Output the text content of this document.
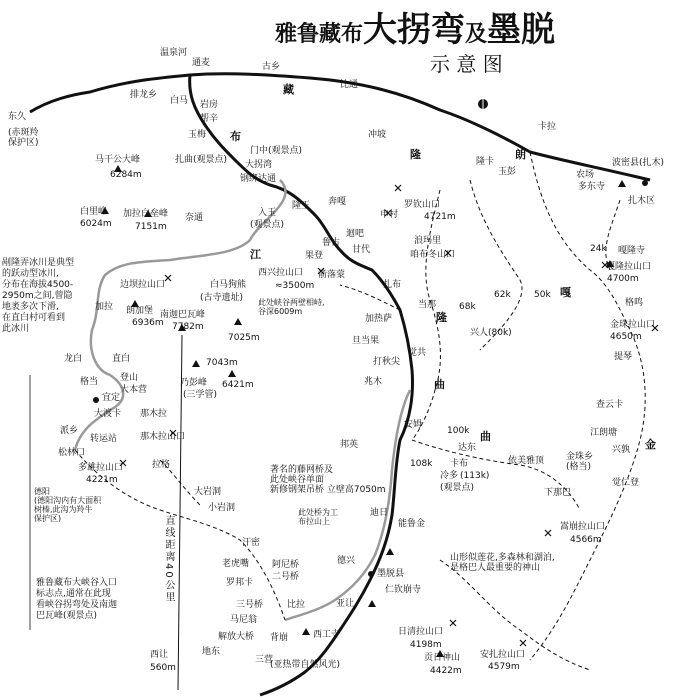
雅鲁藏布大拐弯及墨脱
示 意 图
藏
布
江
朗
隆
嘎
隆
曲
曲
金
温泉河
通麦	古乡
比通
东久
(赤斑羚
保护区)
排龙乡
白马 岩房
帮辛
玉梅
门中(观景点)
马干公大峰
6284m
扎曲(观景点) 大拐湾
钢绑 达通
白里峰
6024m
加拉白垒峰
7151m
奈通	入玉
(观景点)
隆玉 奔嘎
鲁古
迴吧
甘代
果登
西兴拉山口
≈3500m
箭落蒙
边坝拉山口	白马狗熊
(古寺遗址) 此处峡谷两壁相峙,
谷深6009m
朗加堡
6936m
南迦巴瓦峰
7782m
7025m
7043m
乃彭峰
(三学管)
6421m
加拉
龙白	直白
格当
宜定
登山
大本营
那木拉
大渡卡
派乡
松林口
转运站	那木拉山口
多雄拉山口
4221m
拉格
德阳
(德阳沟内有大面积
树榛,此沟为羚牛
保护区)
大岩洞
小岩洞
汗密
老虎嘴	阿尼桥
二号桥
罗邦卡
三号桥
马尼翁
解放大桥
比拉	亚让
地东
背崩
三营
西工寺
(亚热带自然风光)
西让
560m
此处桥为工
布拉山上
德兴
墨脱县
仁钦崩寺
迪日
能鲁金
著名的藤网桥及
此处峡谷单面
新修钢架吊桥 立壁高7050m
卡拉
冲坡
罗钦山口
4721m
申村
浪玛里
咱布冬山口
扎布
当那
加热萨
旦当果
打秋尖
觉共
兆木
安姆
邦英
嘎隆拉山口
4700m
嘎隆寺
隆卡
玉彭
62k
68k
50k
兴人(80k)
格鸣
金珠拉山口
4650m
提琴
查云卡
江朗塘
兴孰
觉仁登
金珠乡
(格当)
达东
卡布	依美雅顶
100k
108k
冷多 (113k)
(观景点)	下那巴
嵩崩拉山口
4566m
山形似莲花,多森林和湖泊,
是格巴人最重要的神山
日清拉山口
4198m
贡日神山
4422m
安扎拉山口
4579m
波密县(扎木)
农场
多东寺
扎木区
24k
剐隆弄冰川是典型
的跃动型冰川,
分布在海拔4500-
2950m之间,曾隐
地袤多次下滑,
在直白村可看到
此冰川
雅鲁藏布大峡谷入口
标志点,通常在此现
看峡谷拐弯处及南迦
巴瓦峰(观景点)
直线距离40公里
